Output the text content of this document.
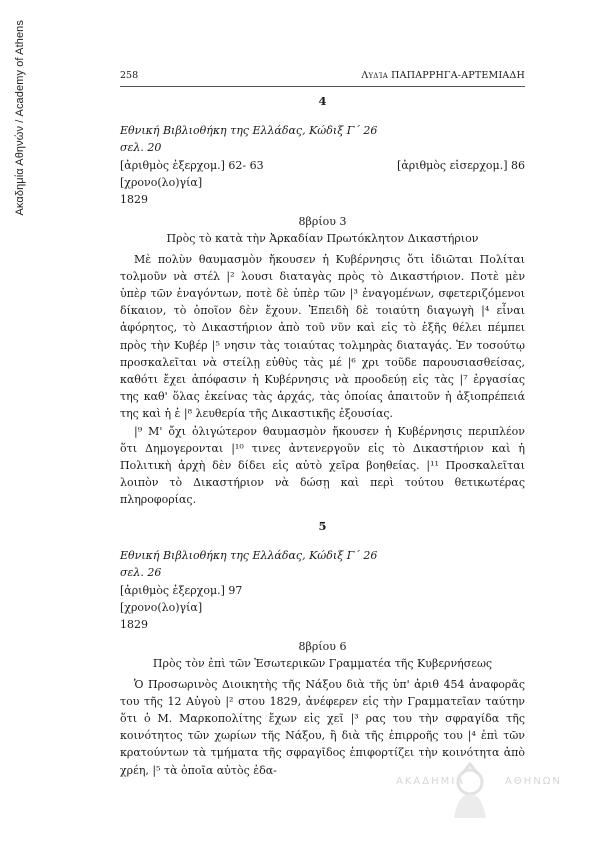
Ακαδημία Αθηνών / Academy of Athens	258	Λυδία ΠΑΠΑΡΡΗΓΑ-ΑΡΤΕΜΙΑΔΗ
4
Εθνική Βιβλιοθήκη της Ελλάδας, Κώδιξ Γ΄ 26
σελ. 20
[ἀριθμὸς ἐξερχομ.] 62- 63	[ἀριθμὸς εἰσερχομ.] 86
[χρονο(λο)γία]
1829
8βρίου 3
Πρὸς τὸ κατὰ τὴν Ἀρκαδίαν Πρωτόκλητον Δικαστήριον

Μὲ πολὺν θαυμασμὸν ἤκουσεν ἡ Κυβέρνησις ὅτι ἰδιῶται Πολίται τολμοῦν νὰ στέλ |² λουσι διαταγὰς πρὸς τὸ Δικαστήριον. Ποτὲ μὲν ὑπὲρ τῶν ἐναγόντων, ποτὲ δὲ ὑπὲρ τῶν |³ ἐναγομένων, σφετεριζόμενοι δίκαιον, τὸ ὁποῖον δὲν ἔχουν. Ἐπειδὴ δὲ τοιαύτη διαγωγὴ |⁴ εἶναι ἀφόρητος, τὸ Δικαστήριον ἀπὸ τοῦ νῦν καὶ εἰς τὸ ἑξῆς θέλει πέμπει πρὸς τὴν Κυβέρ |⁵ νησιν τὰς τοιαύτας τολμηρὰς διαταγάς. Ἐν τοσούτῳ προσκαλεῖται νὰ στείλῃ εὐθὺς τὰς μέ |⁶ χρι τοῦδε παρουσιασθείσας, καθότι ἔχει ἀπόφασιν ἡ Κυβέρνησις νὰ προοδεύῃ εἰς τὰς |⁷ ἐργασίας της καθ' ὅλας ἐκείνας τὰς ἀρχάς, τὰς ὁποίας ἀπαιτοῦν ἡ ἀξιοπρέπειά της καὶ ἡ ἐ |⁸ λευθερία τῆς Δικαστικῆς ἐξουσίας.

|⁹ Μ' ὄχι ὀλιγώτερον θαυμασμὸν ἤκουσεν ἡ Κυβέρνησις περιπλέον ὅτι Δημογερονται |¹⁰ τινες ἀντενεργοῦν εἰς τὸ Δικαστήριον καὶ ἡ Πολιτικὴ ἀρχὴ δὲν δίδει εἰς αὐτὸ χεῖρα βοηθείας. |¹¹ Προσκαλεῖται λοιπὸν τὸ Δικαστήριον νὰ δώσῃ καὶ περὶ τούτου θετικωτέρας πληροφορίας.

5
Εθνική Βιβλιοθήκη της Ελλάδας, Κώδιξ Γ΄ 26
σελ. 26
[ἀριθμὸς ἐξερχομ.] 97
[χρονο(λο)γία]
1829
8βρίου 6
Πρὸς τὸν ἐπὶ τῶν Ἐσωτερικῶν Γραμματέα τῆς Κυβερνήσεως

Ὁ Προσωρινὸς Διοικητὴς τῆς Νάξου διὰ τῆς ὑπ' ἀριθ 454 ἀναφορᾶς του τῆς 12 Αὐγοὺ |² στου 1829, ἀνέφερεν εἰς τὴν Γραμματεῖαν ταύτην ὅτι ὁ Μ. Μαρκοπολίτης ἔχων εἰς χεῖ |³ ρας του τὴν σφραγίδα τῆς κοινότητος τῶν χωρίων τῆς Νάξου, ἢ διὰ τῆς ἐπιρροῆς του |⁴ ἐπὶ τῶν κρατούντων τὰ τμήματα τῆς σφραγῖδος ἐπιφορτίζει τὴν κοινότητα ἀπὸ χρέη, |⁵ τὰ ὁποῖα αὐτὸς ἐδα-

ΑΚΑΔΗΜΙΑ	ΑΘΗΝΩΝ
